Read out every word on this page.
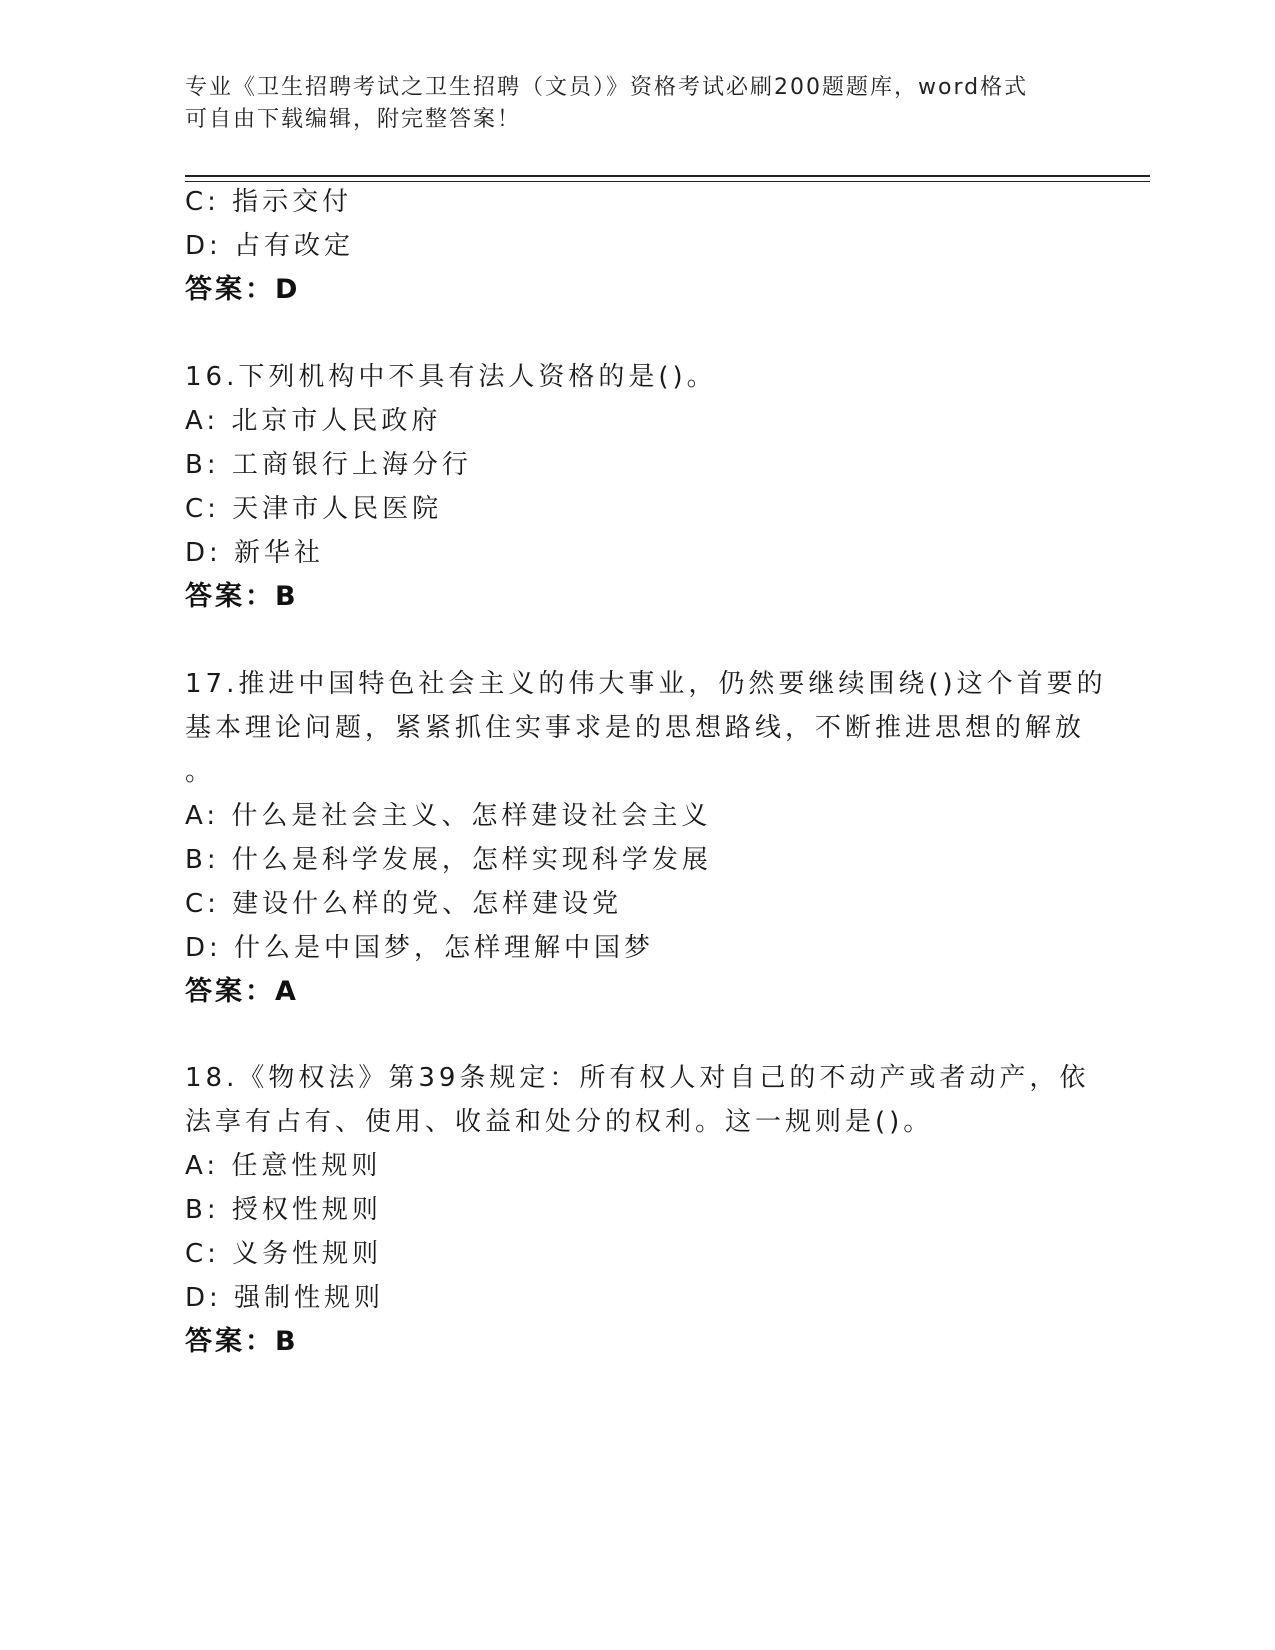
专业《卫生招聘考试之卫生招聘（文员）》资格考试必刷200题题库，word格式
可自由下载编辑，附完整答案！
C: 指示交付
D: 占有改定
答案：D
16.下列机构中不具有法人资格的是()。
A: 北京市人民政府
B: 工商银行上海分行
C: 天津市人民医院
D: 新华社
答案：B
17.推进中国特色社会主义的伟大事业，仍然要继续围绕()这个首要的
基本理论问题，紧紧抓住实事求是的思想路线，不断推进思想的解放
。
A: 什么是社会主义、怎样建设社会主义
B: 什么是科学发展，怎样实现科学发展
C: 建设什么样的党、怎样建设党
D: 什么是中国梦，怎样理解中国梦
答案：A
18.《物权法》第39条规定：所有权人对自己的不动产或者动产，依
法享有占有、使用、收益和处分的权利。这一规则是()。
A: 任意性规则
B: 授权性规则
C: 义务性规则
D: 强制性规则
答案：B
